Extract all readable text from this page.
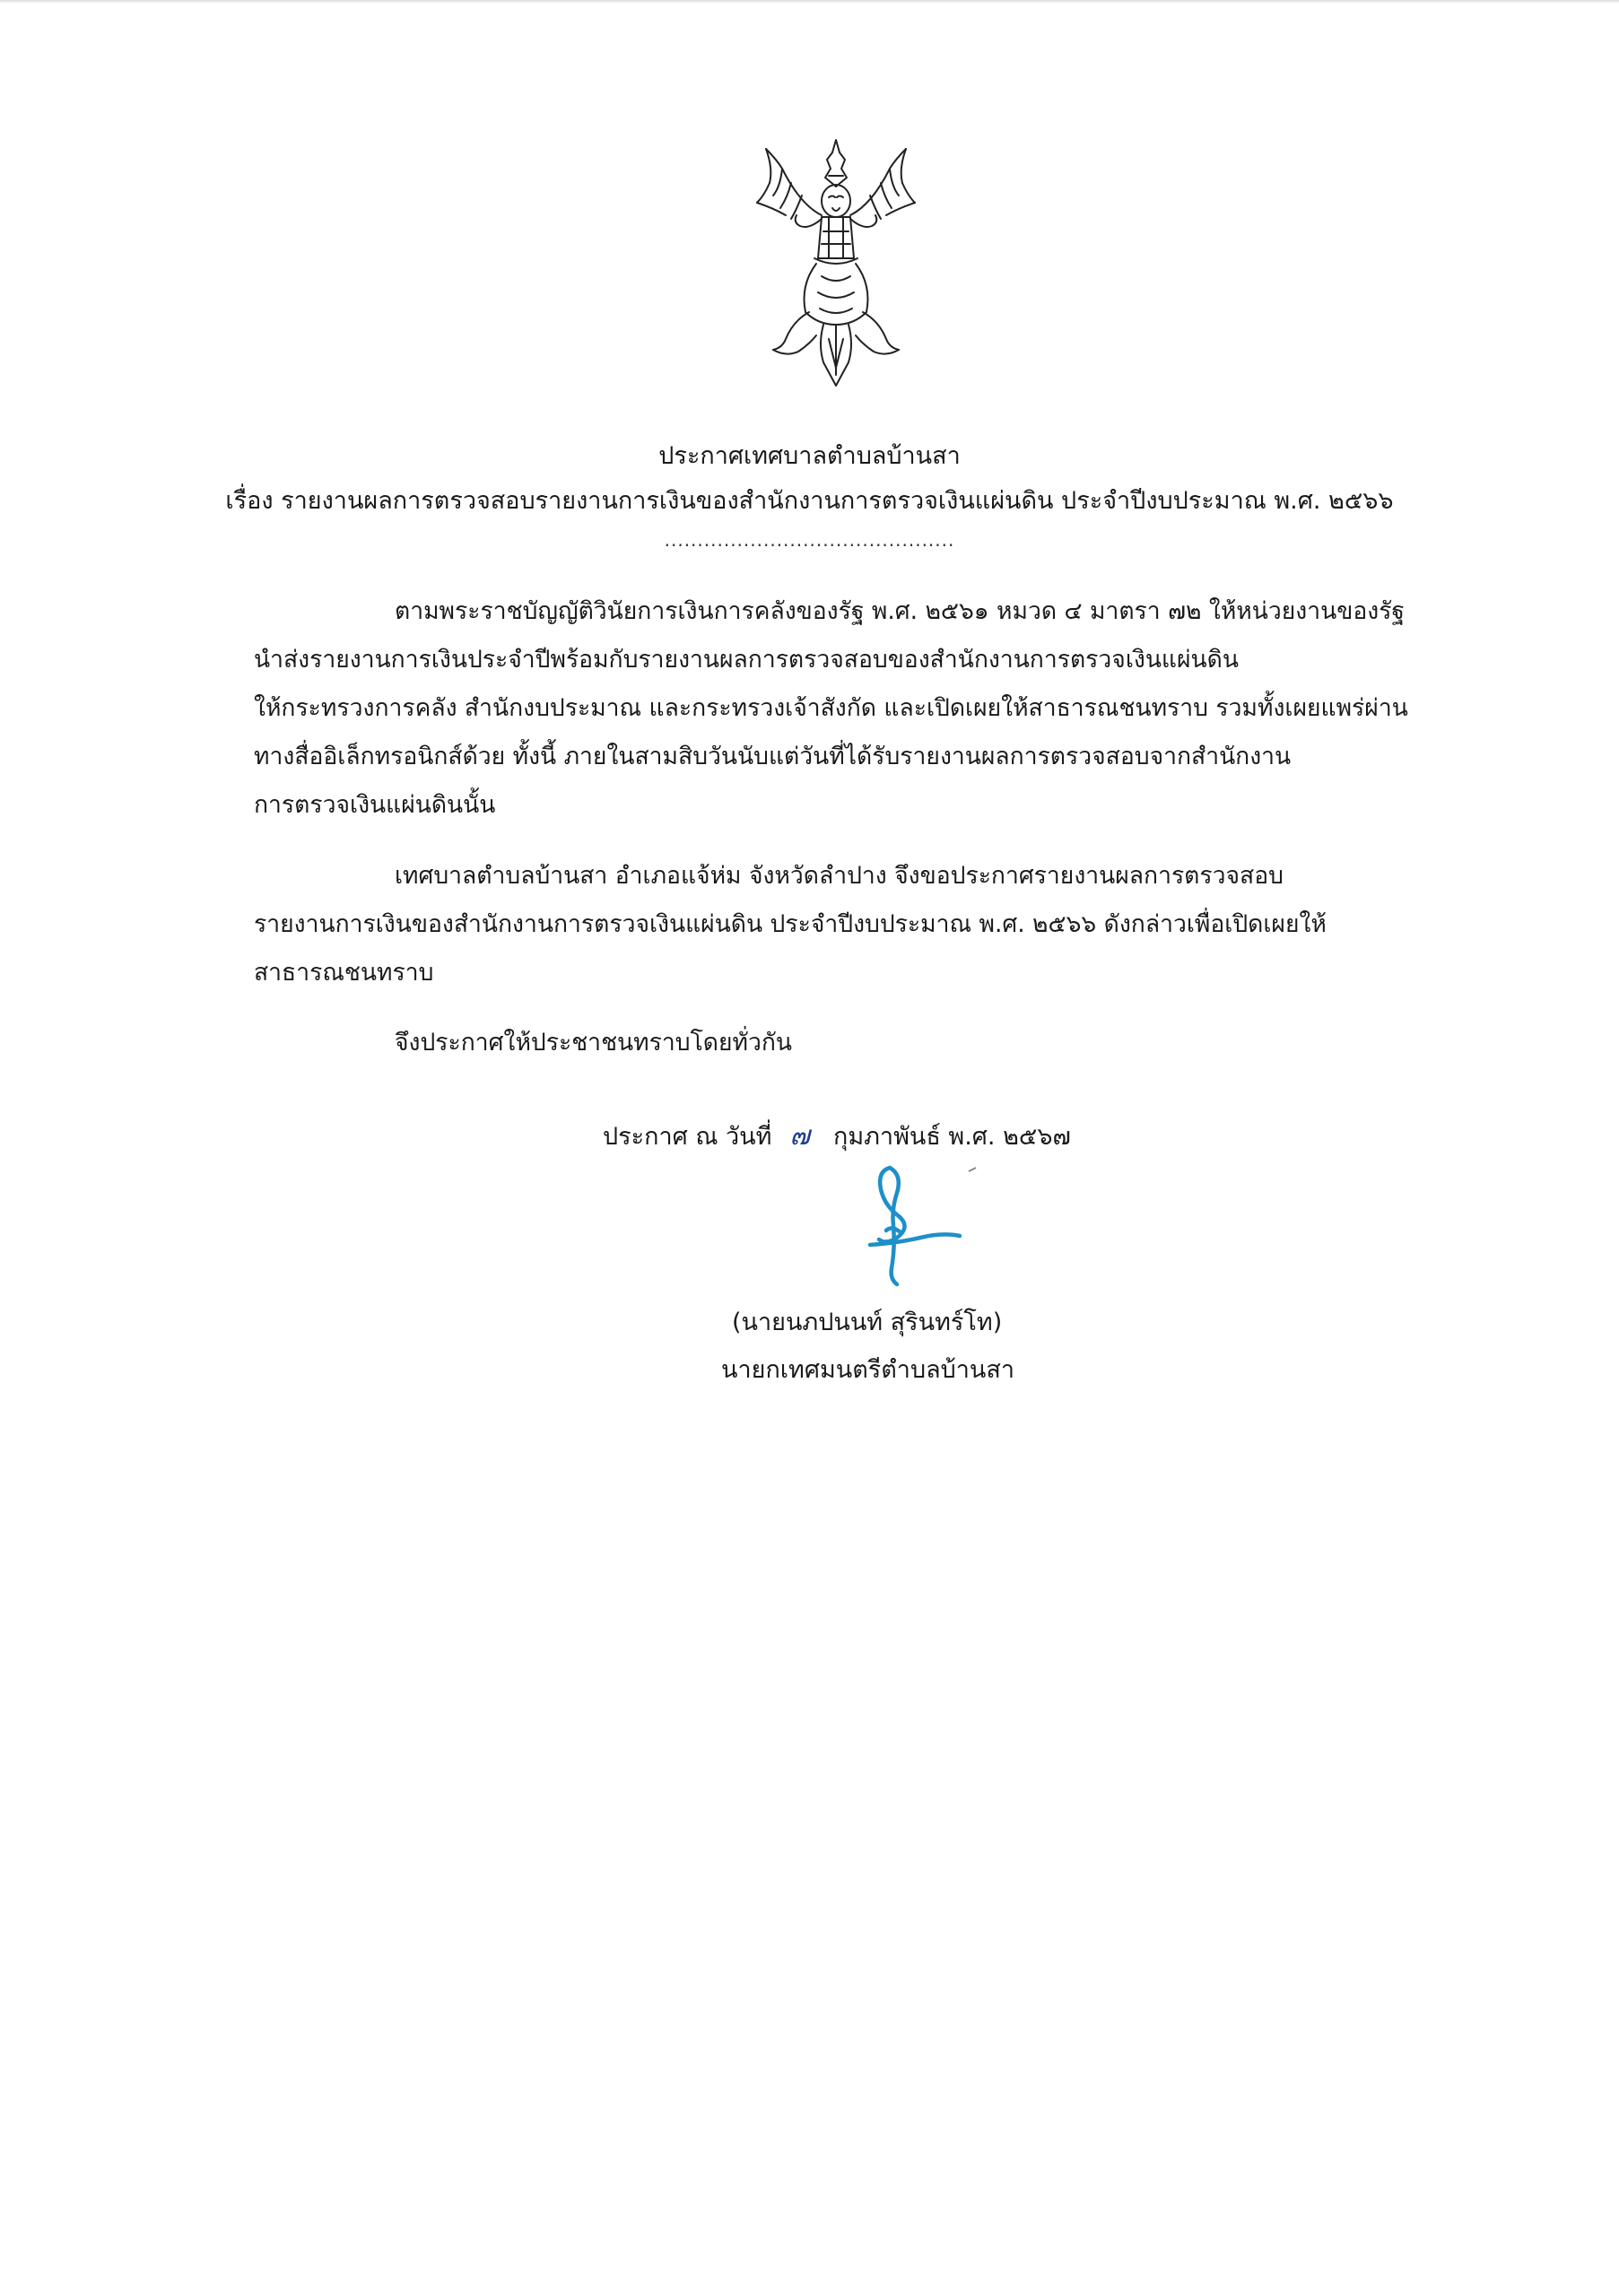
ประกาศเทศบาลตำบลบ้านสา
เรื่อง รายงานผลการตรวจสอบรายงานการเงินของสำนักงานการตรวจเงินแผ่นดิน ประจำปีงบประมาณ พ.ศ. ๒๕๖๖
............................................
ตามพระราชบัญญัติวินัยการเงินการคลังของรัฐ พ.ศ. ๒๕๖๑ หมวด ๔ มาตรา ๗๒ ให้หน่วยงานของรัฐ
นำส่งรายงานการเงินประจำปีพร้อมกับรายงานผลการตรวจสอบของสำนักงานการตรวจเงินแผ่นดิน
ให้กระทรวงการคลัง สำนักงบประมาณ และกระทรวงเจ้าสังกัด และเปิดเผยให้สาธารณชนทราบ รวมทั้งเผยแพร่ผ่าน
ทางสื่ออิเล็กทรอนิกส์ด้วย ทั้งนี้ ภายในสามสิบวันนับแต่วันที่ได้รับรายงานผลการตรวจสอบจากสำนักงาน
การตรวจเงินแผ่นดินนั้น
เทศบาลตำบลบ้านสา อำเภอแจ้ห่ม จังหวัดลำปาง จึงขอประกาศรายงานผลการตรวจสอบ
รายงานการเงินของสำนักงานการตรวจเงินแผ่นดิน ประจำปีงบประมาณ พ.ศ. ๒๕๖๖ ดังกล่าวเพื่อเปิดเผยให้
สาธารณชนทราบ
จึงประกาศให้ประชาชนทราบโดยทั่วกัน
ประกาศ ณ วันที่ ๗ กุมภาพันธ์ พ.ศ. ๒๕๖๗
(นายนภปนนท์ สุรินทร์โท)
นายกเทศมนตรีตำบลบ้านสา
